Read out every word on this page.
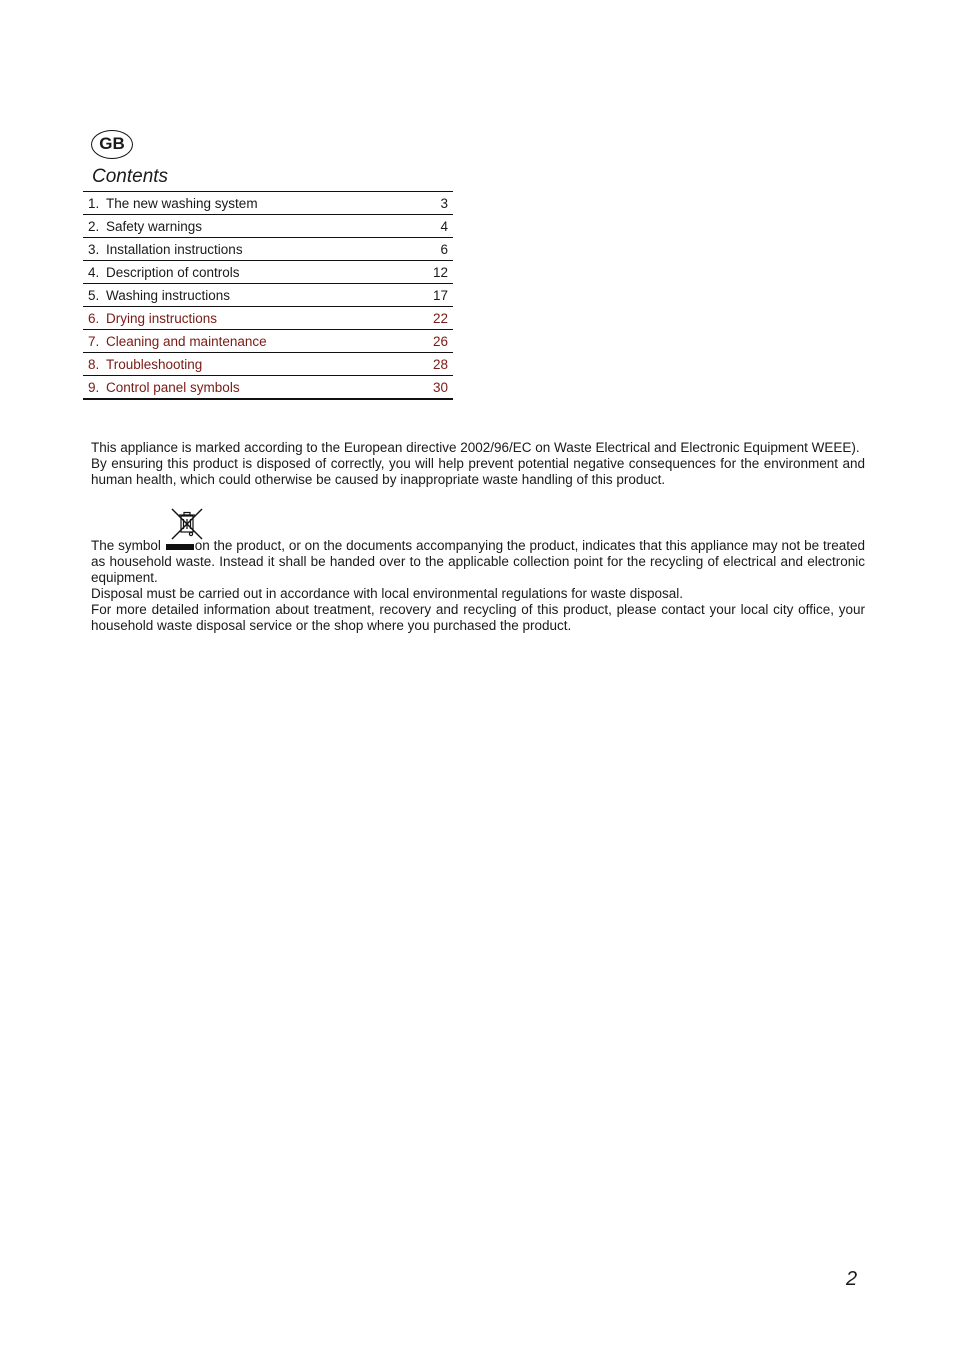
GB
Contents
1. The new washing system	3
2. Safety warnings	4
3. Installation instructions	6
4. Description of controls	12
5. Washing instructions	17
6. Drying instructions	22
7. Cleaning and maintenance	26
8. Troubleshooting	28
9. Control panel symbols	30

This appliance is marked according to the European directive 2002/96/EC on Waste Electrical and Electronic Equipment WEEE).

By ensuring this product is disposed of correctly, you will help prevent potential negative consequences for the environment and human health, which could otherwise be caused by inappropriate waste handling of this product.

The symbol	on the product, or on the documents accompanying the product, indicates that this appliance may not be treated as household waste. Instead it shall be handed over to the applicable collection point for the recycling of electrical and electronic equipment.

Disposal must be carried out in accordance with local environmental regulations for waste disposal.

For more detailed information about treatment, recovery and recycling of this product, please contact your local city office, your household waste disposal service or the shop where you purchased the product.

2
